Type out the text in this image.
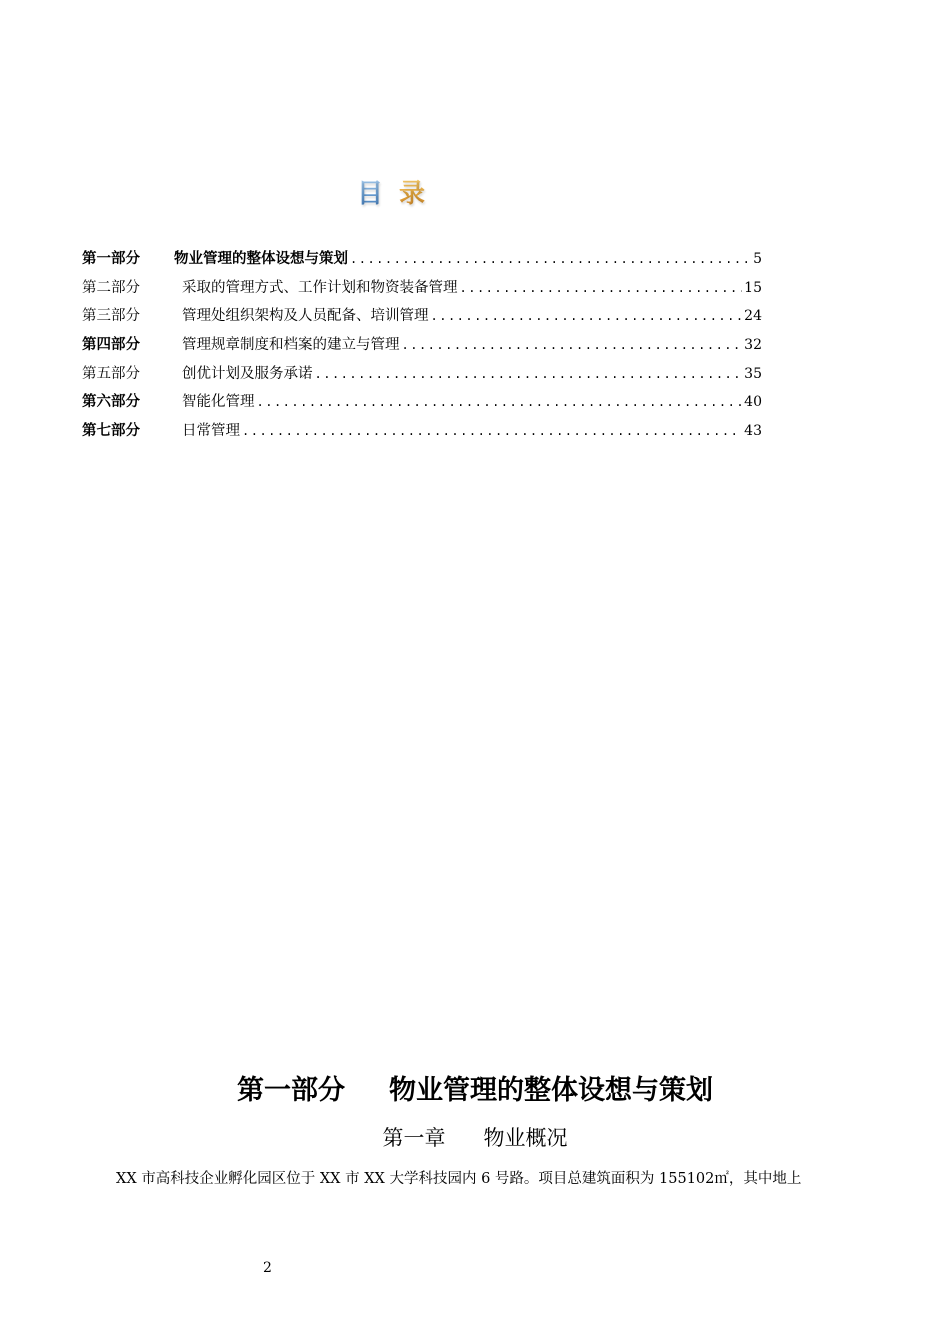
目 录
第一部分	物业管理的整体设想与策划 .....	5
第二部分	采取的管理方式、工作计划和物资装备管理 .....	15
第三部分	管理处组织架构及人员配备、培训管理 .....	24
第四部分	管理规章制度和档案的建立与管理 .....	32
第五部分	创优计划及服务承诺 .....	35
第六部分	智能化管理 .....	40
第七部分	日常管理 .....	43
第一部分 物业管理的整体设想与策划
第一章 物业概况
XX 市高科技企业孵化园区位于 XX 市 XX 大学科技园内 6 号路。项目总建筑面积为 155102㎡，其中地上
2
